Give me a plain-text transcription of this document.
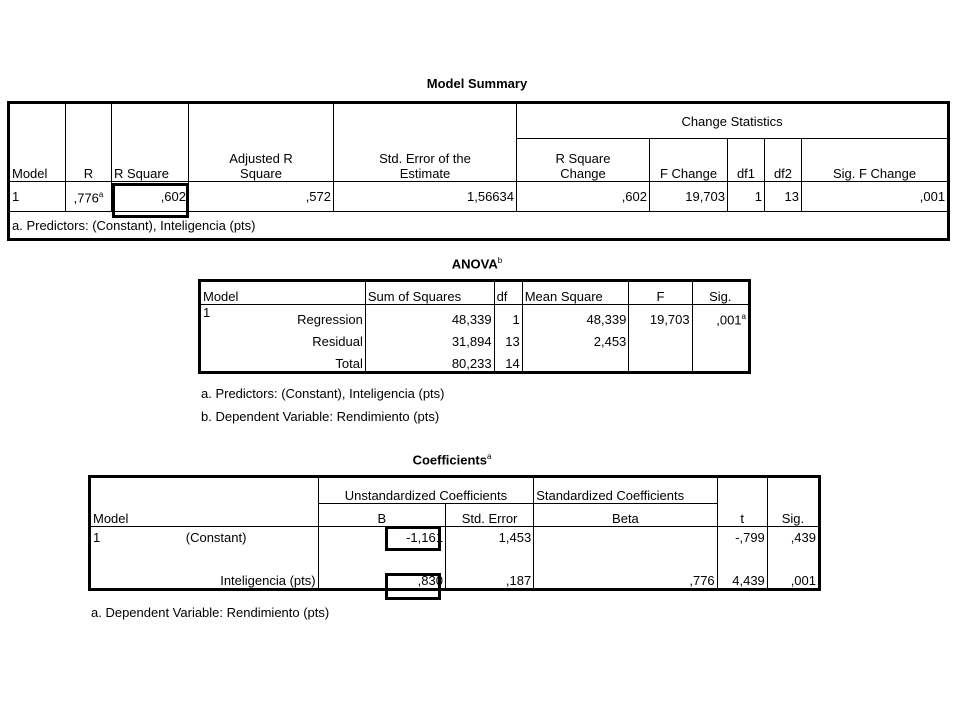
Model Summary
Model	R	R Square	Adjusted R Square	Std. Error of the Estimate	Change Statistics				
					R Square Change	F Change	df1	df2	Sig. F Change
1	,776$^a$	,602	,572	1,56634	,602	19,703	1	13	,001
a. Predictors: (Constant), Inteligencia (pts)									
ANOVA$^b$
Model		Sum of Squares	df	Mean Square	F	Sig.
1	Regression	48,339	1	48,339	19,703	,001$^a$
	Residual	31,894	13	2,453		
	Total	80,233	14			
a. Predictors: (Constant), Inteligencia (pts)
b. Dependent Variable: Rendimiento (pts)
Coefficients$^a$
Model		Unstandardized Coefficients		Standardized Coefficients	t	Sig.
		B	Std. Error	Beta		
1	(Constant)	-1,161	1,453		-,799	,439
	Inteligencia (pts)	,830	,187	,776	4,439	,001
a. Dependent Variable: Rendimiento (pts)
